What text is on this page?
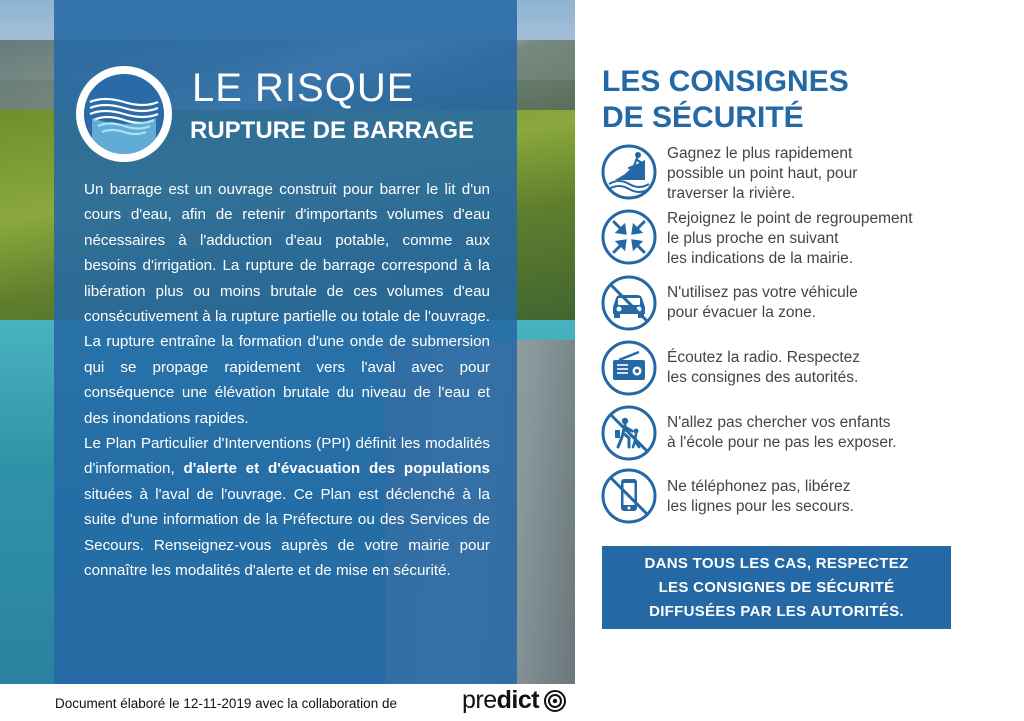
LE RISQUE
RUPTURE DE BARRAGE

Un barrage est un ouvrage construit pour barrer le lit d'un cours d'eau, afin de retenir d'importants volumes d'eau nécessaires à l'adduction d'eau potable, comme aux besoins d'irrigation. La rupture de barrage correspond à la libération plus ou moins brutale de ces volumes d'eau consécutivement à la rupture partielle ou totale de l'ouvrage. La rupture entraîne la formation d'une onde de submersion qui se propage rapidement vers l'aval avec pour conséquence une élévation brutale du niveau de l'eau et des inondations rapides.

Le Plan Particulier d'Interventions (PPI) définit les modalités d'information, d'alerte et d'évacuation des populations situées à l'aval de l'ouvrage. Ce Plan est déclenché à la suite d'une information de la Préfecture ou des Services de Secours. Renseignez-vous auprès de votre mairie pour connaître les modalités d'alerte et de mise en sécurité.

Document élaboré le 12-11-2019 avec la collaboration de	predict
LES CONSIGNES
DE SÉCURITÉ
Gagnez le plus rapidement
possible un point haut, pour
traverser la rivière.
Rejoignez le point de regroupement
le plus proche en suivant
les indications de la mairie.
N'utilisez pas votre véhicule
pour évacuer la zone.
Écoutez la radio. Respectez
les consignes des autorités.
N'allez pas chercher vos enfants
à l'école pour ne pas les exposer.
Ne téléphonez pas, libérez
les lignes pour les secours.
DANS TOUS LES CAS, RESPECTEZ
LES CONSIGNES DE SÉCURITÉ
DIFFUSÉES PAR LES AUTORITÉS.
